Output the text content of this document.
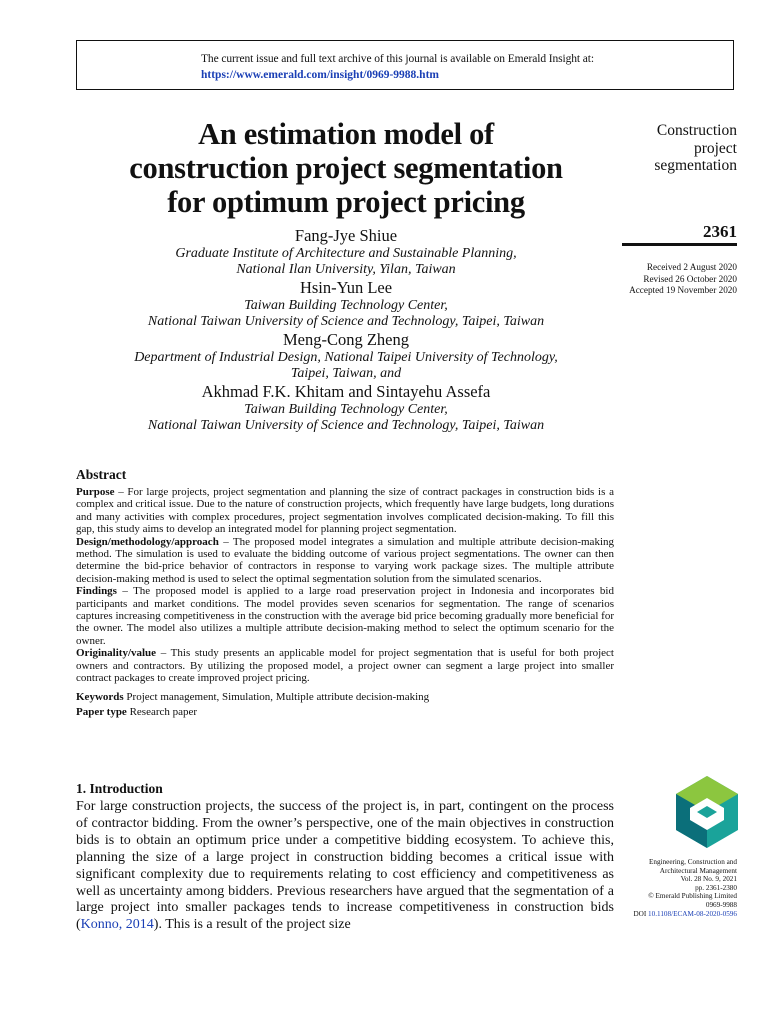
The current issue and full text archive of this journal is available on Emerald Insight at:
https://www.emerald.com/insight/0969-9988.htm
An estimation model of
construction project segmentation
for optimum project pricing
Fang-Jye Shiue
Graduate Institute of Architecture and Sustainable Planning,
National Ilan University, Yilan, Taiwan
Hsin-Yun Lee
Taiwan Building Technology Center,
National Taiwan University of Science and Technology, Taipei, Taiwan
Meng-Cong Zheng
Department of Industrial Design, National Taipei University of Technology,
Taipei, Taiwan, and
Akhmad F.K. Khitam and Sintayehu Assefa
Taiwan Building Technology Center,
National Taiwan University of Science and Technology, Taipei, Taiwan
Construction
project
segmentation
2361
Received 2 August 2020
Revised 26 October 2020
Accepted 19 November 2020
Abstract

Purpose – For large projects, project segmentation and planning the size of contract packages in construction bids is a complex and critical issue. Due to the nature of construction projects, which frequently have large budgets, long durations and many activities with complex procedures, project segmentation involves complicated decision-making. To fill this gap, this study aims to develop an integrated model for planning project segmentation.

Design/methodology/approach – The proposed model integrates a simulation and multiple attribute decision-making method. The simulation is used to evaluate the bidding outcome of various project segmentations. The owner can then determine the bid-price behavior of contractors in response to varying work package sizes. The multiple attribute decision-making method is used to select the optimal segmentation solution from the simulated scenarios.

Findings – The proposed model is applied to a large road preservation project in Indonesia and incorporates bid participants and market conditions. The model provides seven scenarios for segmentation. The range of scenarios captures increasing competitiveness in the construction with the average bid price becoming gradually more beneficial for the owner. The model also utilizes a multiple attribute decision-making method to select the optimum scenario for the owner.

Originality/value – This study presents an applicable model for project segmentation that is useful for both project owners and contractors. By utilizing the proposed model, a project owner can segment a large project into smaller contract packages to create improved project pricing.

Keywords Project management, Simulation, Multiple attribute decision-making
Paper type Research paper
1. Introduction

For large construction projects, the success of the project is, in part, contingent on the process of contractor bidding. From the owner’s perspective, one of the main objectives in construction bids is to obtain an optimum price under a competitive bidding ecosystem. To achieve this, planning the size of a large project in construction bidding becomes a critical issue with significant complexity due to requirements relating to cost efficiency and competitiveness as well as uncertainty among bidders. Previous researchers have argued that the segmentation of a large project into smaller packages tends to increase competitiveness in construction bids (Konno, 2014). This is a result of the project size

Engineering, Construction and
Architectural Management
Vol. 28 No. 9, 2021
pp. 2361-2380
© Emerald Publishing Limited
0969-9988
DOI 10.1108/ECAM-08-2020-0596
